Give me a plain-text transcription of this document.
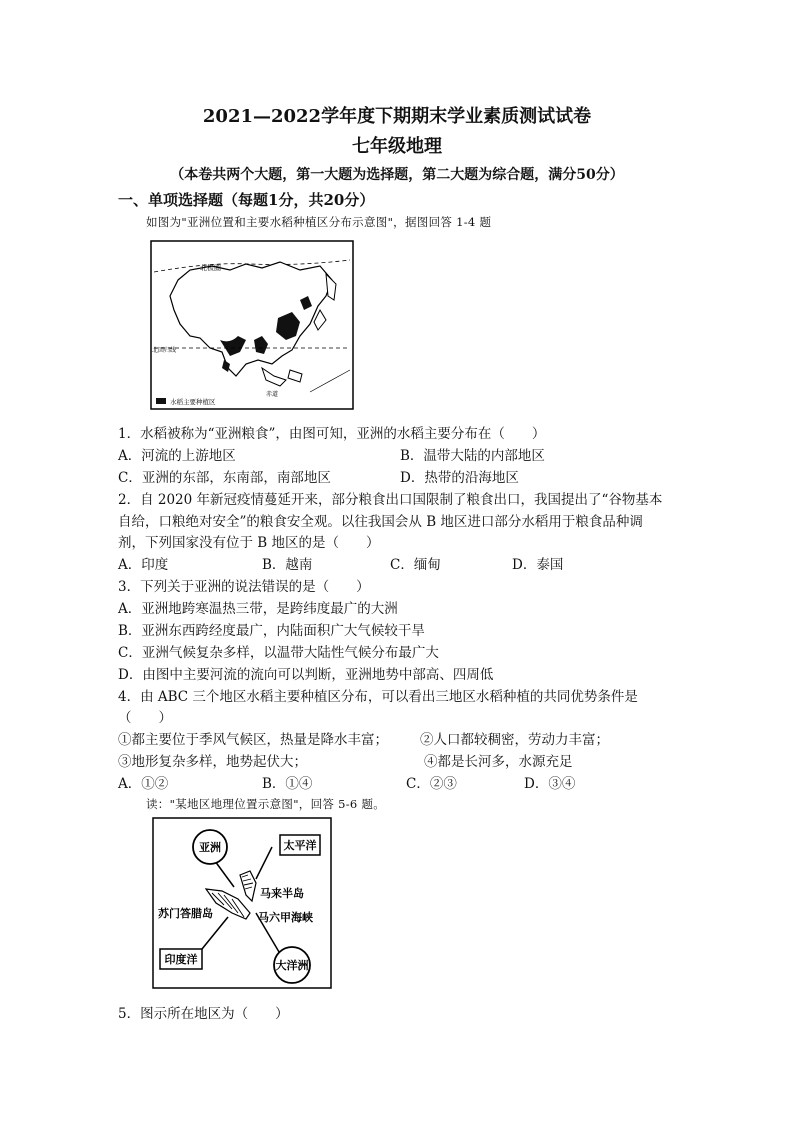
2021—2022学年度下期期末学业素质测试试卷
七年级地理
（本卷共两个大题，第一大题为选择题，第二大题为综合题，满分50分）
一、单项选择题（每题1分，共20分）
如图为"亚洲位置和主要水稻种植区分布示意图"，据图回答 1-4 题
北极圈
北回归线
赤道
水稻主要种植区
1．水稻被称为“亚洲粮食”，由图可知，亚洲的水稻主要分布在（　　）
A．河流的上游地区	B．温带大陆的内部地区
C．亚洲的东部，东南部，南部地区	D．热带的沿海地区
2．自 2020 年新冠疫情蔓延开来，部分粮食出口国限制了粮食出口，我国提出了“谷物基本
自给，口粮绝对安全”的粮食安全观。以往我国会从 B 地区进口部分水稻用于粮食品种调
剂，下列国家没有位于 B 地区的是（　　）
A．印度	B．越南	C．缅甸	D．泰国
3．下列关于亚洲的说法错误的是（　　）
A．亚洲地跨寒温热三带，是跨纬度最广的大洲
B．亚洲东西跨经度最广，内陆面积广大气候较干旱
C．亚洲气候复杂多样，以温带大陆性气候分布最广大
D．由图中主要河流的流向可以判断，亚洲地势中部高、四周低
4．由 ABC 三个地区水稻主要种植区分布，可以看出三地区水稻种植的共同优势条件是
（　　）
①都主要位于季风气候区，热量是降水丰富； ②人口都较稠密，劳动力丰富；
③地形复杂多样，地势起伏大；	④都是长河多，水源充足
A．①②	B．①④	C．②③	D．③④
读："某地区地理位置示意图"，回答 5-6 题。
亚洲	太平洋
马来半岛
苏门答腊岛	马六甲海峡
印度洋	大洋洲
5．图示所在地区为（　　）
